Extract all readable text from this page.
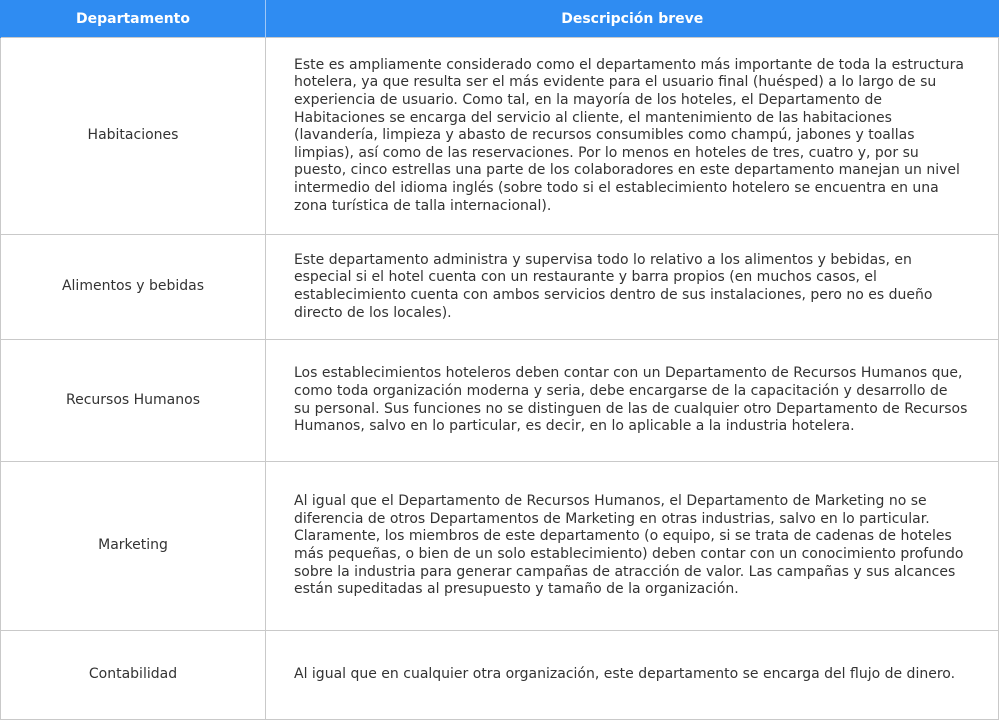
Departamento	Descripción breve
Habitaciones	Este es ampliamente considerado como el departamento más importante de toda la estructura hotelera, ya que resulta ser el más evidente para el usuario final (huésped) a lo largo de su experiencia de usuario. Como tal, en la mayoría de los hoteles, el Departamento de Habitaciones se encarga del servicio al cliente, el mantenimiento de las habitaciones (lavandería, limpieza y abasto de recursos consumibles como champú, jabones y toallas limpias), así como de las reservaciones. Por lo menos en hoteles de tres, cuatro y, por su puesto, cinco estrellas una parte de los colaboradores en este departamento manejan un nivel intermedio del idioma inglés (sobre todo si el establecimiento hotelero se encuentra en una zona turística de talla internacional).
Alimentos y bebidas	Este departamento administra y supervisa todo lo relativo a los alimentos y bebidas, en especial si el hotel cuenta con un restaurante y barra propios (en muchos casos, el establecimiento cuenta con ambos servicios dentro de sus instalaciones, pero no es dueño directo de los locales).
Recursos Humanos	Los establecimientos hoteleros deben contar con un Departamento de Recursos Humanos que, como toda organización moderna y seria, debe encargarse de la capacitación y desarrollo de su personal. Sus funciones no se distinguen de las de cualquier otro Departamento de Recursos Humanos, salvo en lo particular, es decir, en lo aplicable a la industria hotelera.
Marketing	Al igual que el Departamento de Recursos Humanos, el Departamento de Marketing no se diferencia de otros Departamentos de Marketing en otras industrias, salvo en lo particular. Claramente, los miembros de este departamento (o equipo, si se trata de cadenas de hoteles más pequeñas, o bien de un solo establecimiento) deben contar con un conocimiento profundo sobre la industria para generar campañas de atracción de valor. Las campañas y sus alcances están supeditadas al presupuesto y tamaño de la organización.
Contabilidad	Al igual que en cualquier otra organización, este departamento se encarga del flujo de dinero.
